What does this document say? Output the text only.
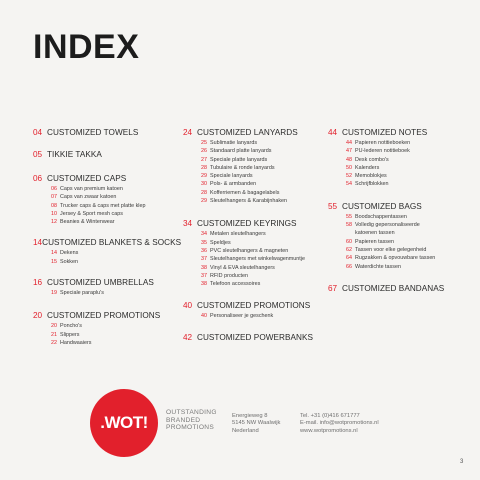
INDEX
04 CUSTOMIZED TOWELS
05 TIKKIE TAKKA
06 CUSTOMIZED CAPS
06 Caps van premium katoen
07 Caps van zwaar katoen
08 Trucker caps & caps met platte klep
10 Jersey & Sport mesh caps
12 Beanies & Wintenwear
14 CUSTOMIZED BLANKETS & SOCKS
14 Dekens
15 Sokken
16 CUSTOMIZED UMBRELLAS
19 Speciale paraplu's
20 CUSTOMIZED PROMOTIONS
20 Poncho's
21 Slippers
22 Handwaaiers
24 CUSTOMIZED LANYARDS
25 Sublimatie lanyards
26 Standaard platte lanyards
27 Speciale platte lanyards
28 Tubulaire & ronde lanyards
29 Speciale lanyards
30 Pols- & armbanden
28 Kofferriemen & bagagelabels
29 Sleutelhangers & Karabijnhaken
34 CUSTOMIZED KEYRINGS
34 Metalen sleutelhangers
35 Speldjes
36 PVC sleutelhangers & magneten
37 Sleutelhangers met winkelwagenmuntje
38 Vinyl & EVA sleutelhangers
37 RFID producten
38 Telefoon accessoires
40 CUSTOMIZED PROMOTIONS
40 Personaliseer je geschenk
42 CUSTOMIZED POWERBANKS
44 CUSTOMIZED NOTES
44 Papieren notitieboeken
47 PU-lederen notitieboek
48 Desk combo's
50 Kalenders
52 Memoblokjes
54 Schrijfblokken
55 CUSTOMIZED BAGS
55 Boodschappentassen
58 Volledig gepersonaliseerde
katoenen tassen
60 Papieren tassen
62 Tassen voor elke gelegenheid
64 Rugzakken & opvouwbare tassen
66 Waterdichte tassen
67 CUSTOMIZED BANDANAS
.WOT!
OUTSTANDING
BRANDED
PROMOTIONS
Energieweg 8
5145 NW Waalwijk
Nederland
Tel. +31 (0)416 671777
E-mail. info@wotpromotions.nl
www.wotpromotions.nl
3
